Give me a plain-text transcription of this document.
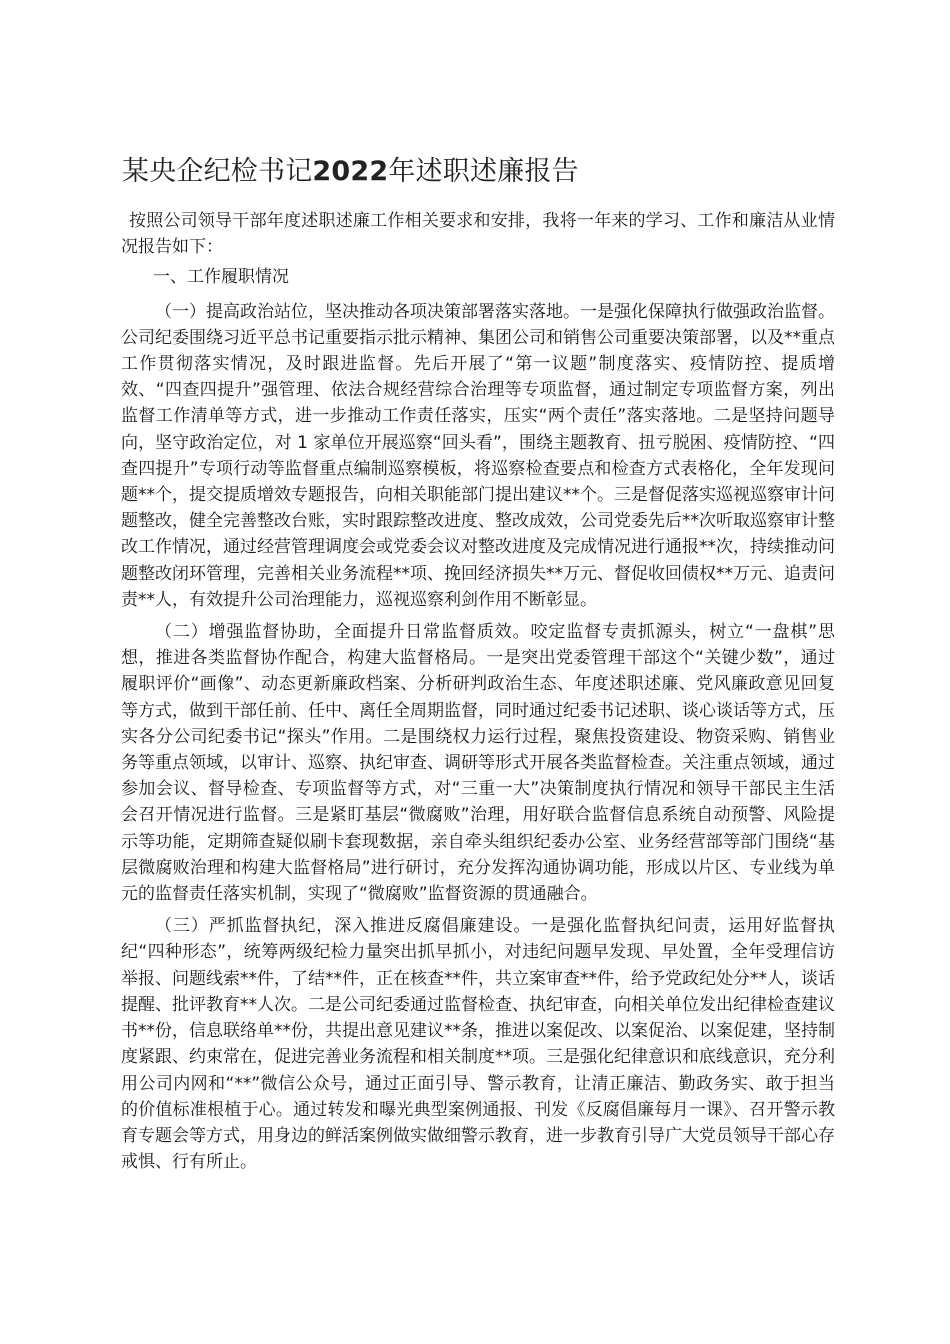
某央企纪检书记2022年述职述廉报告

按照公司领导干部年度述职述廉工作相关要求和安排，我将一年来的学习、工作和廉洁从业情况报告如下：

一、工作履职情况

（一）提高政治站位，坚决推动各项决策部署落实落地。一是强化保障执行做强政治监督。公司纪委围绕习近平总书记重要指示批示精神、集团公司和销售公司重要决策部署，以及**重点工作贯彻落实情况，及时跟进监督。先后开展了“第一议题”制度落实、疫情防控、提质增效、“四查四提升”强管理、依法合规经营综合治理等专项监督，通过制定专项监督方案，列出监督工作清单等方式，进一步推动工作责任落实，压实“两个责任”落实落地。二是坚持问题导向，坚守政治定位，对 1 家单位开展巡察“回头看”，围绕主题教育、扭亏脱困、疫情防控、“四查四提升”专项行动等监督重点编制巡察模板，将巡察检查要点和检查方式表格化，全年发现问题**个，提交提质增效专题报告，向相关职能部门提出建议**个。三是督促落实巡视巡察审计问题整改，健全完善整改台账，实时跟踪整改进度、整改成效，公司党委先后**次听取巡察审计整改工作情况，通过经营管理调度会或党委会议对整改进度及完成情况进行通报**次，持续推动问题整改闭环管理，完善相关业务流程**项、挽回经济损失**万元、督促收回债权**万元、追责问责**人，有效提升公司治理能力，巡视巡察利剑作用不断彰显。

（二）增强监督协助，全面提升日常监督质效。咬定监督专责抓源头，树立“一盘棋”思想，推进各类监督协作配合，构建大监督格局。一是突出党委管理干部这个“关键少数”，通过履职评价“画像”、动态更新廉政档案、分析研判政治生态、年度述职述廉、党风廉政意见回复等方式，做到干部任前、任中、离任全周期监督，同时通过纪委书记述职、谈心谈话等方式，压实各分公司纪委书记“探头”作用。二是围绕权力运行过程，聚焦投资建设、物资采购、销售业务等重点领域，以审计、巡察、执纪审查、调研等形式开展各类监督检查。关注重点领域，通过参加会议、督导检查、专项监督等方式，对“三重一大”决策制度执行情况和领导干部民主生活会召开情况进行监督。三是紧盯基层“微腐败”治理，用好联合监督信息系统自动预警、风险提示等功能，定期筛查疑似刷卡套现数据，亲自牵头组织纪委办公室、业务经营部等部门围绕“基层微腐败治理和构建大监督格局”进行研讨，充分发挥沟通协调功能，形成以片区、专业线为单元的监督责任落实机制，实现了“微腐败”监督资源的贯通融合。

（三）严抓监督执纪，深入推进反腐倡廉建设。一是强化监督执纪问责，运用好监督执纪“四种形态”，统筹两级纪检力量突出抓早抓小，对违纪问题早发现、早处置，全年受理信访举报、问题线索**件，了结**件，正在核查**件，共立案审查**件，给予党政纪处分**人，谈话提醒、批评教育**人次。二是公司纪委通过监督检查、执纪审查，向相关单位发出纪律检查建议书**份，信息联络单**份，共提出意见建议**条，推进以案促改、以案促治、以案促建，坚持制度紧跟、约束常在，促进完善业务流程和相关制度**项。三是强化纪律意识和底线意识，充分利用公司内网和“**”微信公众号，通过正面引导、警示教育，让清正廉洁、勤政务实、敢于担当的价值标准根植于心。通过转发和曝光典型案例通报、刊发《反腐倡廉每月一课》、召开警示教育专题会等方式，用身边的鲜活案例做实做细警示教育，进一步教育引导广大党员领导干部心存戒惧、行有所止。
